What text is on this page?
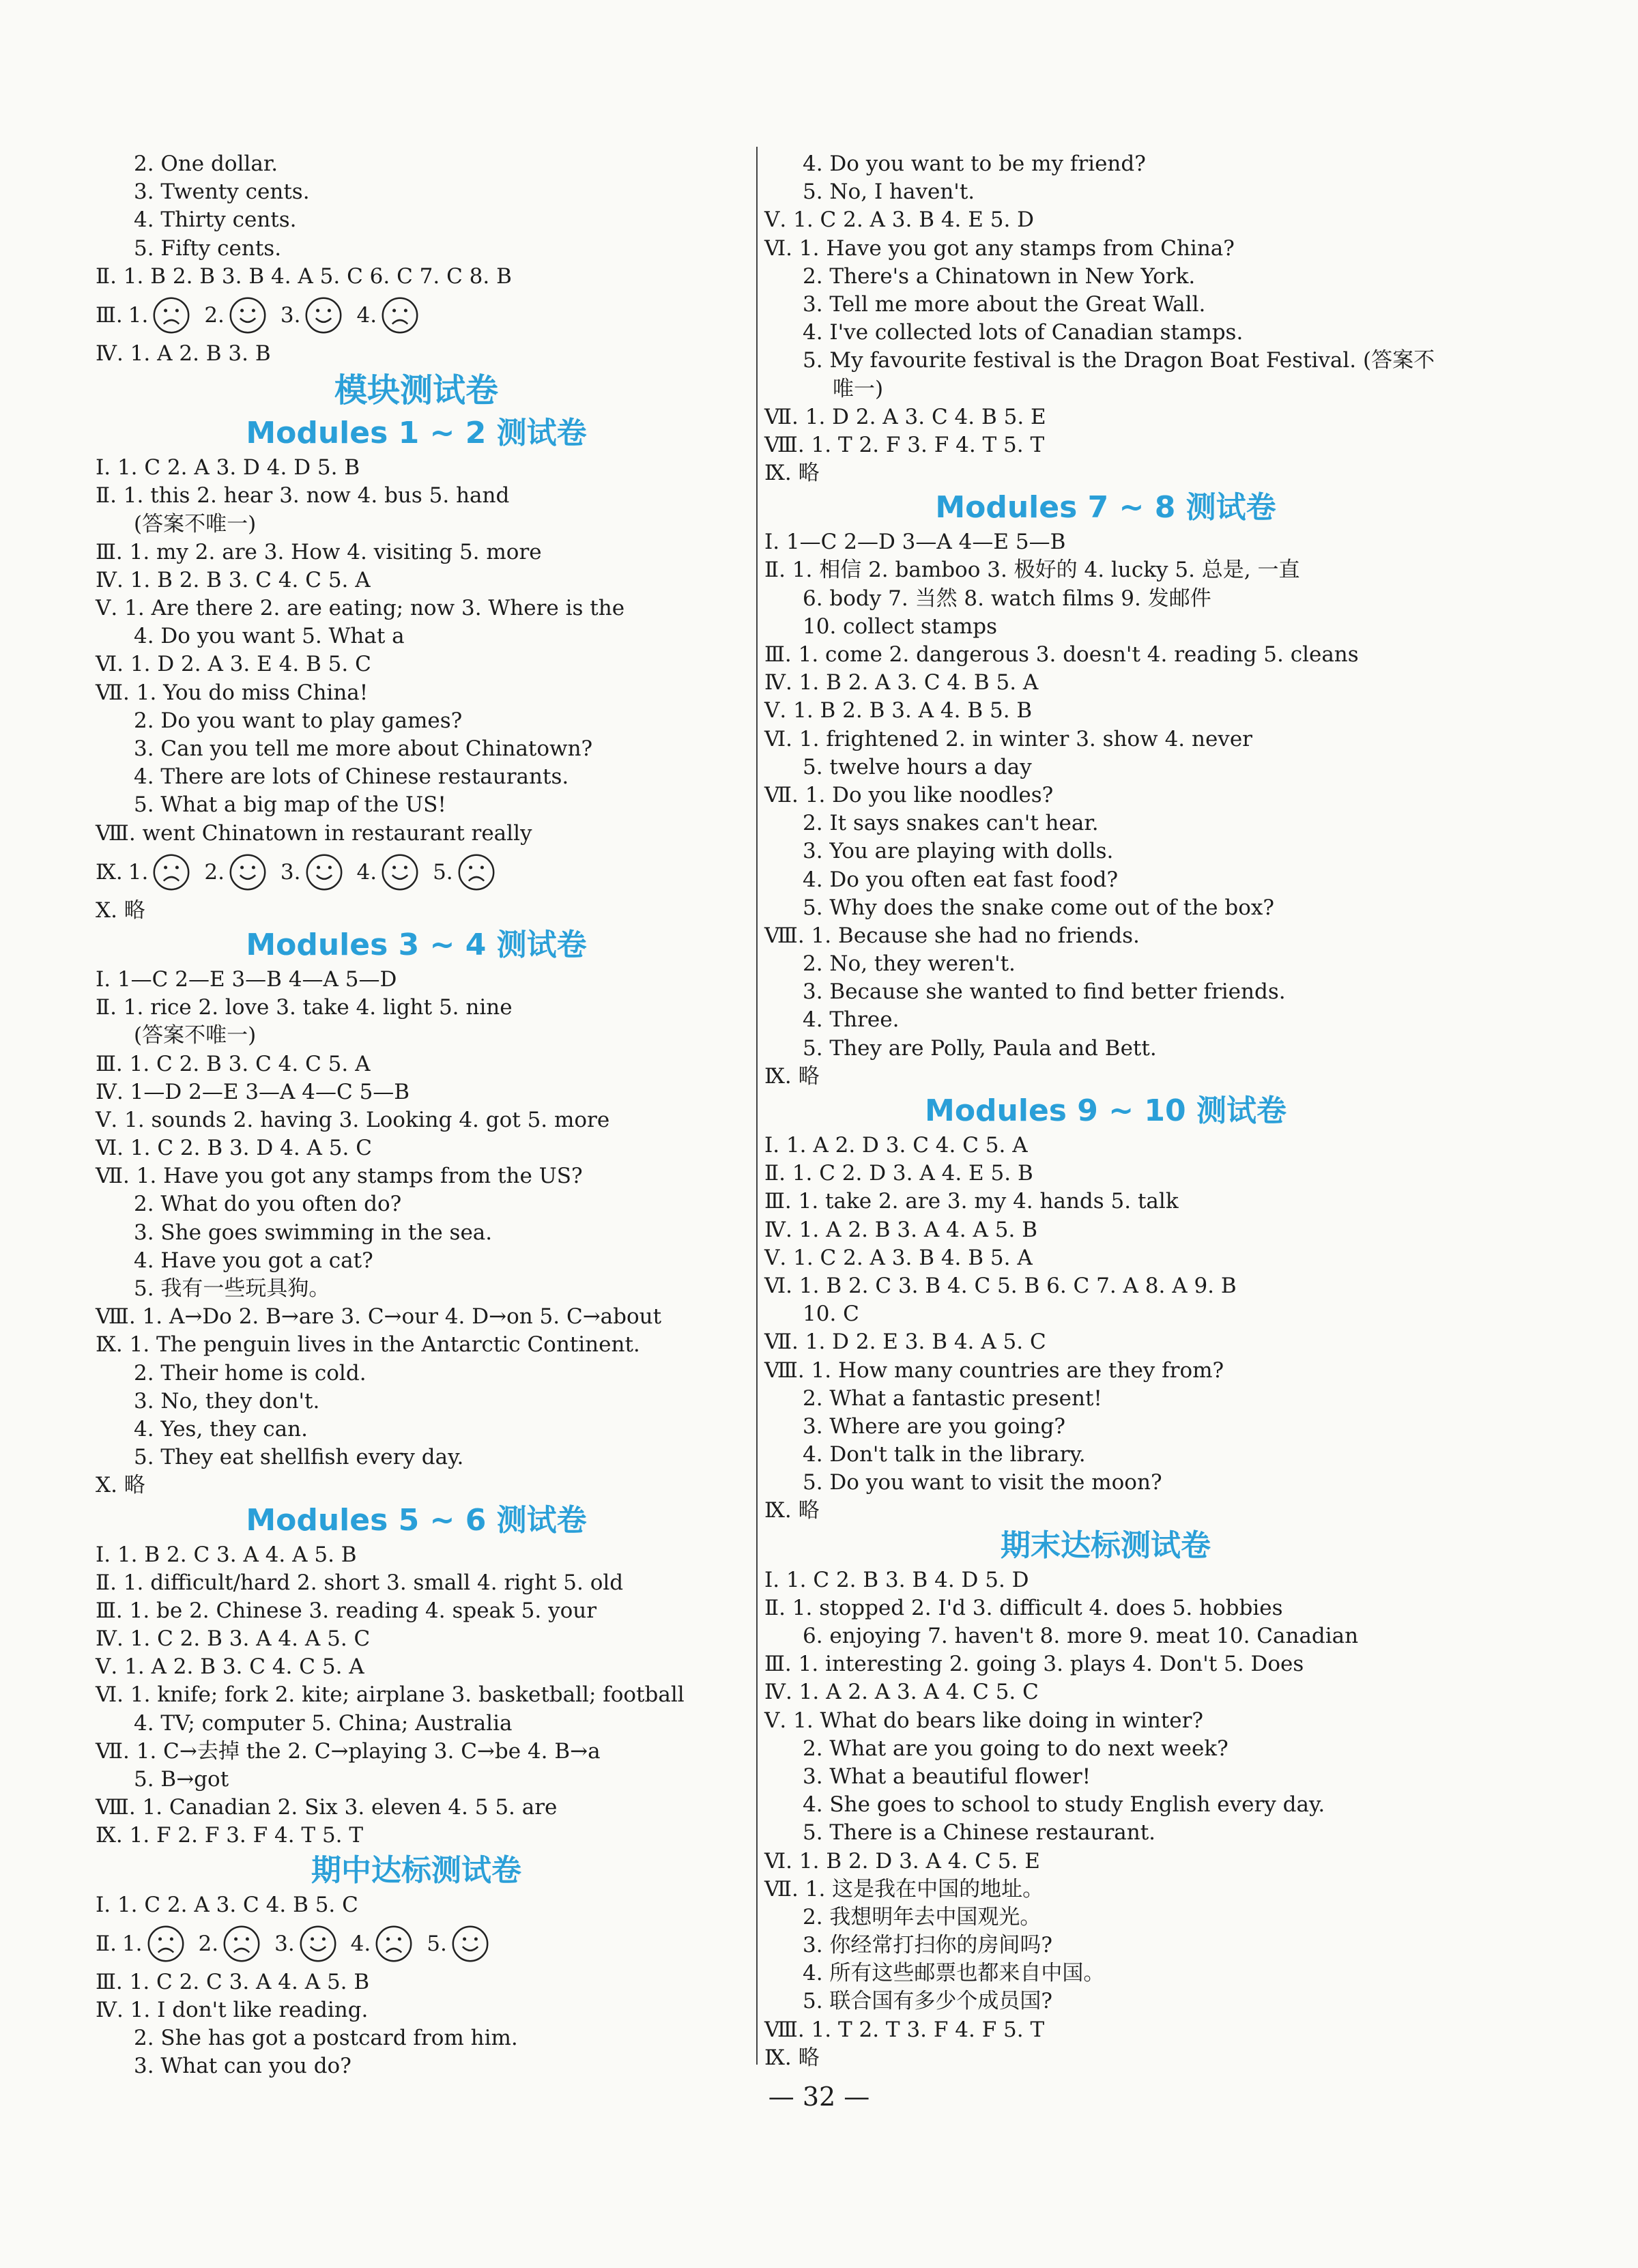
2. One dollar.
3. Twenty cents.
4. Thirty cents.
5. Fifty cents.
Ⅱ. 1. B 2. B 3. B 4. A 5. C 6. C 7. C 8. B
Ⅲ. 1.	2.	3.	4.
Ⅳ. 1. A 2. B 3. B
模块测试卷
Modules 1 ~ 2 测试卷
Ⅰ. 1. C 2. A 3. D 4. D 5. B
Ⅱ. 1. this 2. hear 3. now 4. bus 5. hand
(答案不唯一)
Ⅲ. 1. my 2. are 3. How 4. visiting 5. more
Ⅳ. 1. B 2. B 3. C 4. C 5. A
Ⅴ. 1. Are there 2. are eating; now 3. Where is the
4. Do you want 5. What a
Ⅵ. 1. D 2. A 3. E 4. B 5. C
Ⅶ. 1. You do miss China!
2. Do you want to play games?
3. Can you tell me more about Chinatown?
4. There are lots of Chinese restaurants.
5. What a big map of the US!
Ⅷ. went Chinatown in restaurant really
Ⅸ. 1.	2.	3.	4.	5.
Ⅹ. 略
Modules 3 ~ 4 测试卷
Ⅰ. 1—C 2—E 3—B 4—A 5—D
Ⅱ. 1. rice 2. love 3. take 4. light 5. nine
(答案不唯一)
Ⅲ. 1. C 2. B 3. C 4. C 5. A
Ⅳ. 1—D 2—E 3—A 4—C 5—B
Ⅴ. 1. sounds 2. having 3. Looking 4. got 5. more
Ⅵ. 1. C 2. B 3. D 4. A 5. C
Ⅶ. 1. Have you got any stamps from the US?
2. What do you often do?
3. She goes swimming in the sea.
4. Have you got a cat?
5. 我有一些玩具狗。
Ⅷ. 1. A→Do 2. B→are 3. C→our 4. D→on 5. C→about
Ⅸ. 1. The penguin lives in the Antarctic Continent.
2. Their home is cold.
3. No, they don't.
4. Yes, they can.
5. They eat shellfish every day.
Ⅹ. 略
Modules 5 ~ 6 测试卷
Ⅰ. 1. B 2. C 3. A 4. A 5. B
Ⅱ. 1. difficult/hard 2. short 3. small 4. right 5. old
Ⅲ. 1. be 2. Chinese 3. reading 4. speak 5. your
Ⅳ. 1. C 2. B 3. A 4. A 5. C
Ⅴ. 1. A 2. B 3. C 4. C 5. A
Ⅵ. 1. knife; fork 2. kite; airplane 3. basketball; football
4. TV; computer 5. China; Australia
Ⅶ. 1. C→去掉 the 2. C→playing 3. C→be 4. B→a
5. B→got
Ⅷ. 1. Canadian 2. Six 3. eleven 4. 5 5. are
Ⅸ. 1. F 2. F 3. F 4. T 5. T
期中达标测试卷
Ⅰ. 1. C 2. A 3. C 4. B 5. C
Ⅱ. 1.	2.	3.	4.	5.
Ⅲ. 1. C 2. C 3. A 4. A 5. B
Ⅳ. 1. I don't like reading.
2. She has got a postcard from him.
3. What can you do?
4. Do you want to be my friend?
5. No, I haven't.
Ⅴ. 1. C 2. A 3. B 4. E 5. D
Ⅵ. 1. Have you got any stamps from China?
2. There's a Chinatown in New York.
3. Tell me more about the Great Wall.
4. I've collected lots of Canadian stamps.
5. My favourite festival is the Dragon Boat Festival. (答案不
唯一)
Ⅶ. 1. D 2. A 3. C 4. B 5. E
Ⅷ. 1. T 2. F 3. F 4. T 5. T
Ⅸ. 略
Modules 7 ~ 8 测试卷
Ⅰ. 1—C 2—D 3—A 4—E 5—B
Ⅱ. 1. 相信 2. bamboo 3. 极好的 4. lucky 5. 总是, 一直
6. body 7. 当然 8. watch films 9. 发邮件
10. collect stamps
Ⅲ. 1. come 2. dangerous 3. doesn't 4. reading 5. cleans
Ⅳ. 1. B 2. A 3. C 4. B 5. A
Ⅴ. 1. B 2. B 3. A 4. B 5. B
Ⅵ. 1. frightened 2. in winter 3. show 4. never
5. twelve hours a day
Ⅶ. 1. Do you like noodles?
2. It says snakes can't hear.
3. You are playing with dolls.
4. Do you often eat fast food?
5. Why does the snake come out of the box?
Ⅷ. 1. Because she had no friends.
2. No, they weren't.
3. Because she wanted to find better friends.
4. Three.
5. They are Polly, Paula and Bett.
Ⅸ. 略
Modules 9 ~ 10 测试卷
Ⅰ. 1. A 2. D 3. C 4. C 5. A
Ⅱ. 1. C 2. D 3. A 4. E 5. B
Ⅲ. 1. take 2. are 3. my 4. hands 5. talk
Ⅳ. 1. A 2. B 3. A 4. A 5. B
Ⅴ. 1. C 2. A 3. B 4. B 5. A
Ⅵ. 1. B 2. C 3. B 4. C 5. B 6. C 7. A 8. A 9. B
10. C
Ⅶ. 1. D 2. E 3. B 4. A 5. C
Ⅷ. 1. How many countries are they from?
2. What a fantastic present!
3. Where are you going?
4. Don't talk in the library.
5. Do you want to visit the moon?
Ⅸ. 略
期末达标测试卷
Ⅰ. 1. C 2. B 3. B 4. D 5. D
Ⅱ. 1. stopped 2. I'd 3. difficult 4. does 5. hobbies
6. enjoying 7. haven't 8. more 9. meat 10. Canadian
Ⅲ. 1. interesting 2. going 3. plays 4. Don't 5. Does
Ⅳ. 1. A 2. A 3. A 4. C 5. C
Ⅴ. 1. What do bears like doing in winter?
2. What are you going to do next week?
3. What a beautiful flower!
4. She goes to school to study English every day.
5. There is a Chinese restaurant.
Ⅵ. 1. B 2. D 3. A 4. C 5. E
Ⅶ. 1. 这是我在中国的地址。
2. 我想明年去中国观光。
3. 你经常打扫你的房间吗?
4. 所有这些邮票也都来自中国。
5. 联合国有多少个成员国?
Ⅷ. 1. T 2. T 3. F 4. F 5. T
Ⅸ. 略
— 32 —
